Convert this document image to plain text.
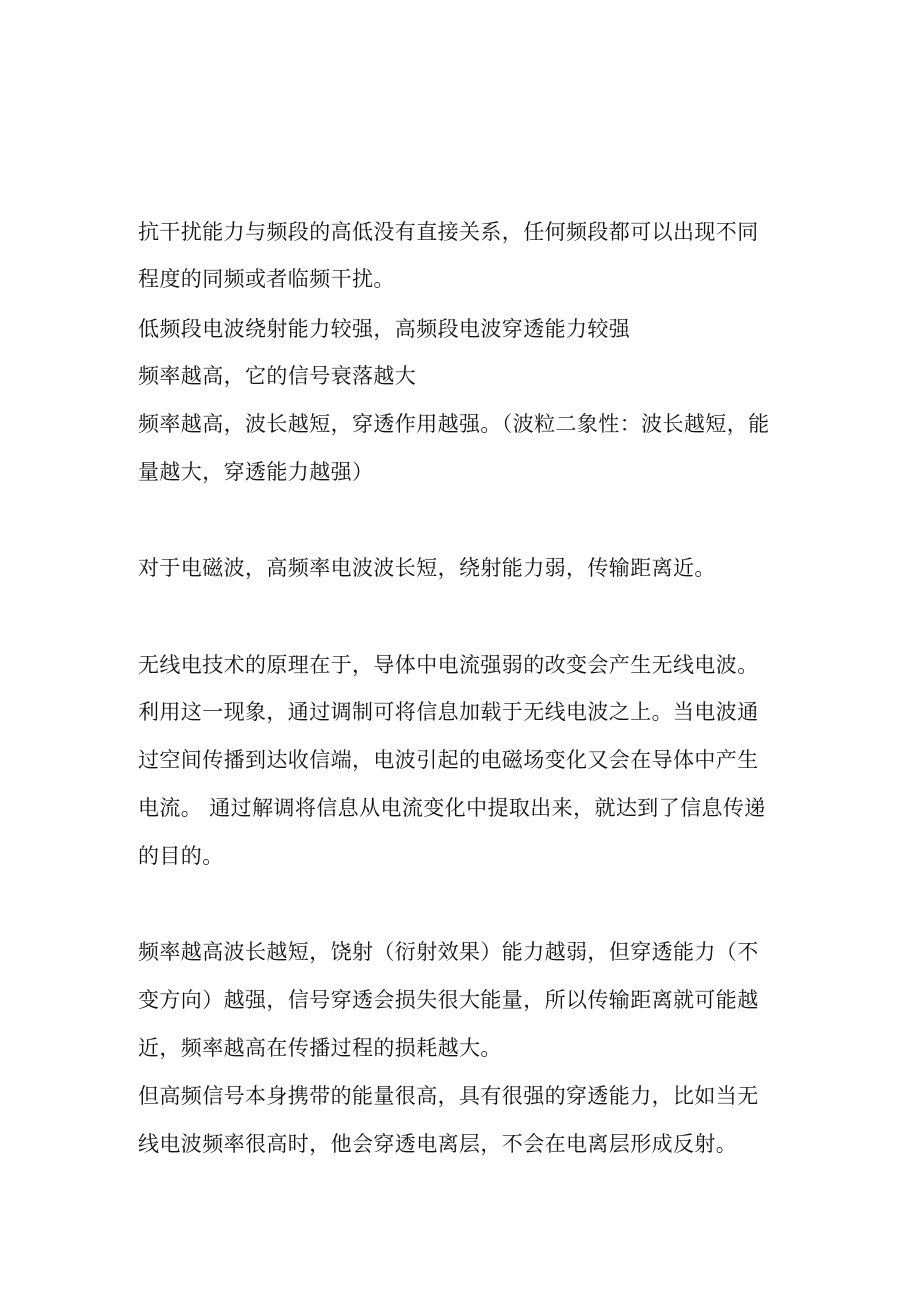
抗干扰能力与频段的高低没有直接关系，任何频段都可以出现不同
程度的同频或者临频干扰。
低频段电波绕射能力较强，高频段电波穿透能力较强
频率越高，它的信号衰落越大
频率越高，波长越短，穿透作用越强。（波粒二象性：波长越短，能
量越大，穿透能力越强）
对于电磁波，高频率电波波长短，绕射能力弱，传输距离近。
无线电技术的原理在于，导体中电流强弱的改变会产生无线电波。
利用这一现象，通过调制可将信息加载于无线电波之上。当电波通
过空间传播到达收信端，电波引起的电磁场变化又会在导体中产生
电流。 通过解调将信息从电流变化中提取出来，就达到了信息传递
的目的。
频率越高波长越短，饶射（衍射效果）能力越弱，但穿透能力（不
变方向）越强，信号穿透会损失很大能量，所以传输距离就可能越
近，频率越高在传播过程的损耗越大。
但高频信号本身携带的能量很高，具有很强的穿透能力，比如当无
线电波频率很高时，他会穿透电离层，不会在电离层形成反射。
